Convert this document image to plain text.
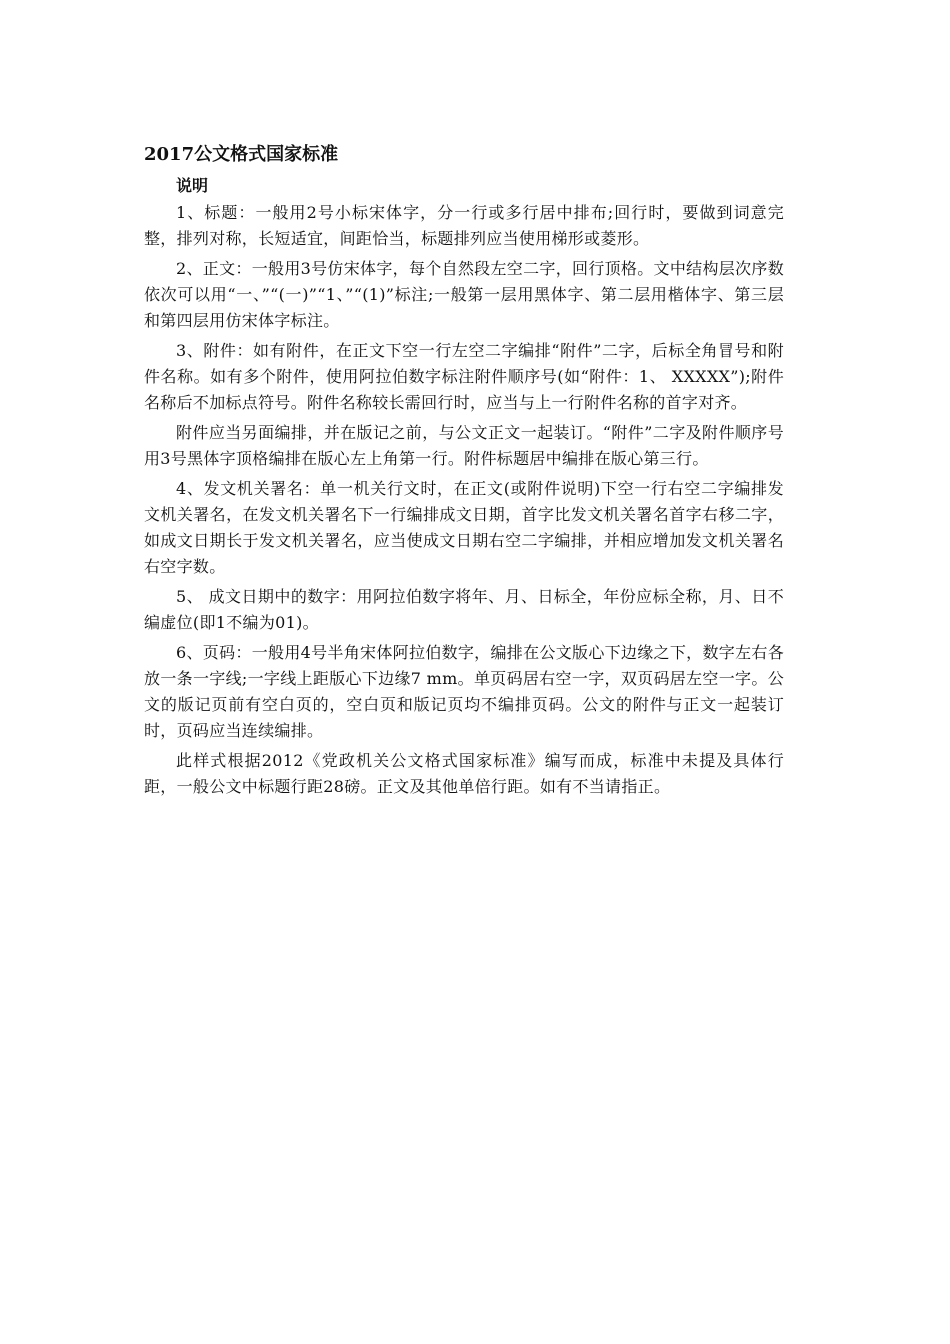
2017公文格式国家标准
说明

1、标题：一般用2号小标宋体字，分一行或多行居中排布;回行时，要做到词意完整，排列对称，长短适宜，间距恰当，标题排列应当使用梯形或菱形。

2、正文：一般用3号仿宋体字，每个自然段左空二字，回行顶格。文中结构层次序数依次可以用“一、”“(一)”“1、”“(1)”标注;一般第一层用黑体字、第二层用楷体字、第三层和第四层用仿宋体字标注。

3、附件：如有附件，在正文下空一行左空二字编排“附件”二字，后标全角冒号和附件名称。如有多个附件，使用阿拉伯数字标注附件顺序号(如“附件：1、 XXXXX”);附件名称后不加标点符号。附件名称较长需回行时，应当与上一行附件名称的首字对齐。

附件应当另面编排，并在版记之前，与公文正文一起装订。“附件”二字及附件顺序号用3号黑体字顶格编排在版心左上角第一行。附件标题居中编排在版心第三行。

4、发文机关署名：单一机关行文时，在正文(或附件说明)下空一行右空二字编排发文机关署名，在发文机关署名下一行编排成文日期，首字比发文机关署名首字右移二字，如成文日期长于发文机关署名，应当使成文日期右空二字编排，并相应增加发文机关署名右空字数。

5、 成文日期中的数字：用阿拉伯数字将年、月、日标全，年份应标全称，月、日不编虚位(即1不编为01)。

6、页码：一般用4号半角宋体阿拉伯数字，编排在公文版心下边缘之下，数字左右各放一条一字线;一字线上距版心下边缘7 mm。单页码居右空一字，双页码居左空一字。公文的版记页前有空白页的，空白页和版记页均不编排页码。公文的附件与正文一起装订时，页码应当连续编排。

此样式根据2012《党政机关公文格式国家标准》编写而成，标准中未提及具体行距，一般公文中标题行距28磅。正文及其他单倍行距。如有不当请指正。
